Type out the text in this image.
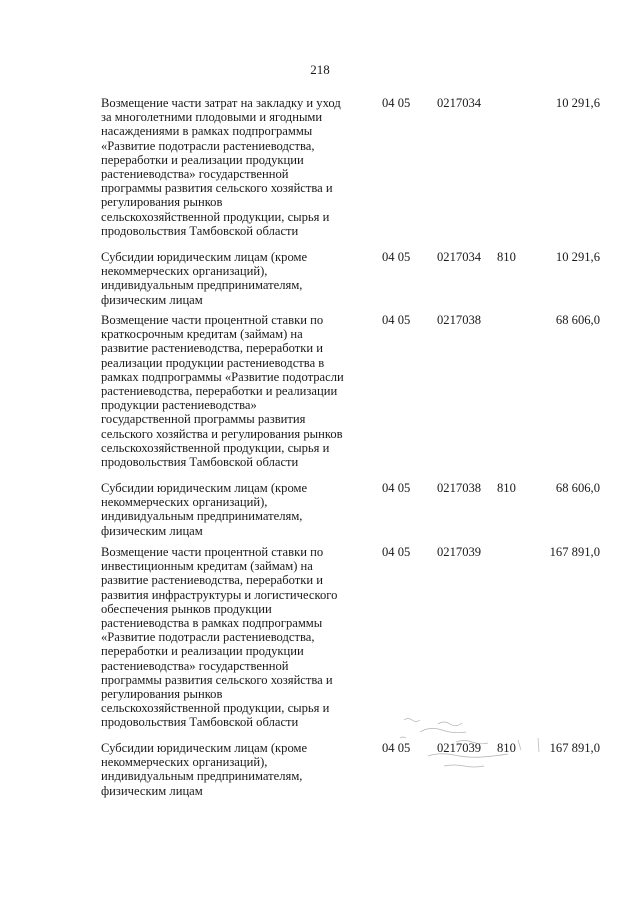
218
Возмещение части затрат на закладку и уход
за многолетними плодовыми и ягодными
насаждениями в рамках подпрограммы
«Развитие подотрасли растениеводства,
переработки и реализации продукции
растениеводства» государственной
программы развития сельского хозяйства и
регулирования рынков
сельскохозяйственной продукции, сырья и
продовольствия Тамбовской области
04 05 0217034	10 291,6
Субсидии юридическим лицам (кроме
некоммерческих организаций),
индивидуальным предпринимателям,
физическим лицам
04 05 0217034 810	10 291,6
Возмещение части процентной ставки по
краткосрочным кредитам (займам) на
развитие растениеводства, переработки и
реализации продукции растениеводства в
рамках подпрограммы «Развитие подотрасли
растениеводства, переработки и реализации
продукции растениеводства»
государственной программы развития
сельского хозяйства и регулирования рынков
сельскохозяйственной продукции, сырья и
продовольствия Тамбовской области
04 05 0217038	68 606,0
Субсидии юридическим лицам (кроме
некоммерческих организаций),
индивидуальным предпринимателям,
физическим лицам
04 05 0217038 810	68 606,0
Возмещение части процентной ставки по
инвестиционным кредитам (займам) на
развитие растениеводства, переработки и
развития инфраструктуры и логистического
обеспечения рынков продукции
растениеводства в рамках подпрограммы
«Развитие подотрасли растениеводства,
переработки и реализации продукции
растениеводства» государственной
программы развития сельского хозяйства и
регулирования рынков
сельскохозяйственной продукции, сырья и
продовольствия Тамбовской области
04 05 0217039	167 891,0
Субсидии юридическим лицам (кроме
некоммерческих организаций),
индивидуальным предпринимателям,
физическим лицам
04 05 0217039 810	167 891,0
